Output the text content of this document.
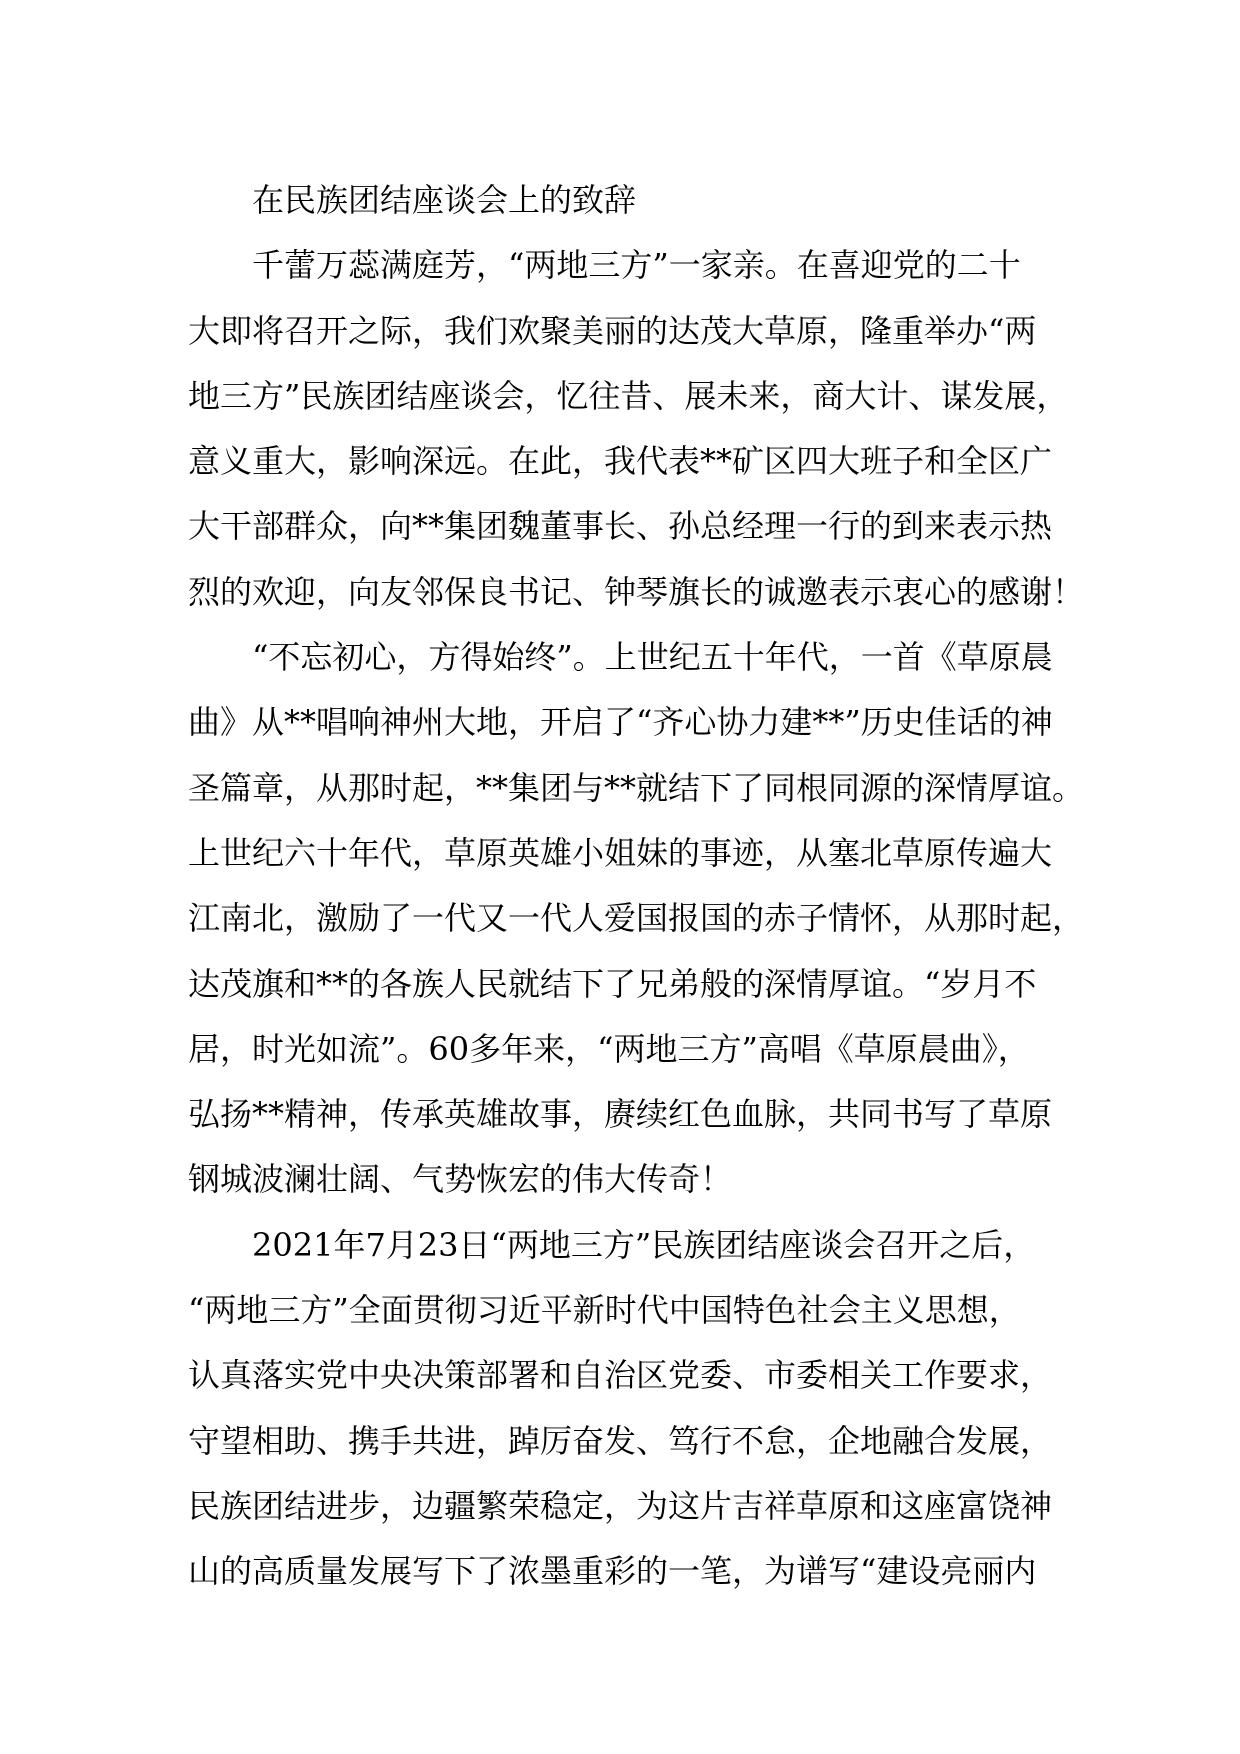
在民族团结座谈会上的致辞

千蕾万蕊满庭芳，“两地三方”一家亲。在喜迎党的二十
大即将召开之际，我们欢聚美丽的达茂大草原，隆重举办“两
地三方”民族团结座谈会，忆往昔、展未来，商大计、谋发展，
意义重大，影响深远。在此，我代表**矿区四大班子和全区广
大干部群众，向**集团魏董事长、孙总经理一行的到来表示热
烈的欢迎，向友邻保良书记、钟琴旗长的诚邀表示衷心的感谢！

“不忘初心，方得始终”。上世纪五十年代，一首《草原晨
曲》从**唱响神州大地，开启了“齐心协力建**”历史佳话的神
圣篇章，从那时起，**集团与**就结下了同根同源的深情厚谊。
上世纪六十年代，草原英雄小姐妹的事迹，从塞北草原传遍大
江南北，激励了一代又一代人爱国报国的赤子情怀，从那时起，
达茂旗和**的各族人民就结下了兄弟般的深情厚谊。“岁月不
居，时光如流”。60多年来，“两地三方”高唱《草原晨曲》，
弘扬**精神，传承英雄故事，赓续红色血脉，共同书写了草原
钢城波澜壮阔、气势恢宏的伟大传奇！

2021年7月23日“两地三方”民族团结座谈会召开之后，
“两地三方”全面贯彻习近平新时代中国特色社会主义思想，
认真落实党中央决策部署和自治区党委、市委相关工作要求，
守望相助、携手共进，踔厉奋发、笃行不怠，企地融合发展，
民族团结进步，边疆繁荣稳定，为这片吉祥草原和这座富饶神
山的高质量发展写下了浓墨重彩的一笔，为谱写“建设亮丽内
